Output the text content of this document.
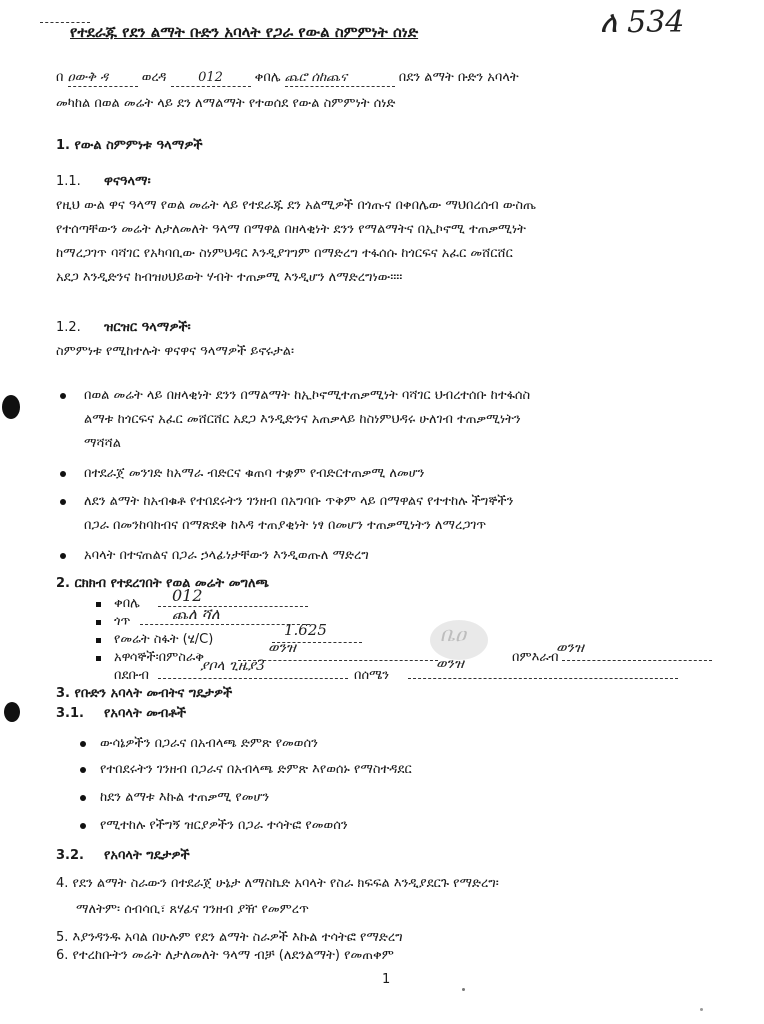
የተደራጁ የደን ልማት ቡድን አባላት የጋራ የውል ስምምነት ሰነድ	ለ 534
በ ዐውቅ ዳ	ወረዳ 012 ቀበሌ ጨሮ ሰከጨና	በደን ልማት ቡድን አባላት
መካከል በወል መሬት ላይ ደን ለማልማት የተወሰደ የውል ስምምነት ሰነድ
1. የውል ስምምነቱ ዓላማዎች
1.1. ዋናዓላማ፡
የዚህ ውል ዋና ዓላማ የወል መሬት ላይ የተደራጁ ደን አልሚዎች በጎጡና በቀበሌው ማህበረሰብ ውስጤ
የተሰጣቸውን መሬት ለታለመለት ዓላማ በማዋል በዘላቂነት ደንን የማልማትና በኢኮኖሚ ተጠቃሚነት
ከማረጋገጥ ባሻገር የአካባቢው ስነምህዳር እንዲያገግም በማድረግ ተፋሰሱ ከጎርፍና አፈር መሸርሸር
አደጋ እንዲድንና ከብዝሀህይወት ሃብት ተጠቃሚ እንዲሆን ለማድረግነው።።
1.2. ዝርዝር ዓላማዎች፡
ስምምነቱ የሚከተሉት ዋናዋና ዓላማዎች ይኖሩታል፡
በወል መሬት ላይ በዘላቂነት ደንን በማልማት ከኢኮኖሚተጠቃሚነት ባሻገር ህብረተሰቡ ከተፋሰስ
ልማቱ ከጎርፍና አፈር መሸርሸር አደጋ እንዲድንና አጠቃላይ ከስነምህዳሩ ሁለገብ ተጠቃሚነትን
ማሻሻል
በተደራጀ መንገድ ከአማራ ብድርና ቁጠባ ተቋም የብድርተጠቃሚ ለመሆን
ለደን ልማት ከአብቁቶ የተበደሩትን ገንዘብ በአግባቡ ጥቅም ላይ በማዋልና የተተከሉ ችግኞችን
በጋራ በመንከባከብና በማጽደቅ ከእዳ ተጠያቂነት ነፃ በመሆን ተጠቃሚነትን ለማረጋገጥ
አባላት በተናጠልና በጋራ ኃላፊነታቸውን እንዲወጡለ ማድረግ
2. ርክክብ የተደረገበት የወል መሬት መግለጫ
ቀበሌ 012
ጎጥ	ጨለ ሻለ
የመሬት ስፋት (ሄ/C)
1.625	ቤዐ
አዋሳኞች፡በምስራቅ
ወንዝ
በምእራብ
ወንዝ
በደቡብ
ያቦላ ጊዜያ3
በሰሜን
ወንዝ
3. የቡድን አባላት መብትና ግዴታዎች
3.1. የአባላት መብቶች
ውሳኔዎችን በጋራና በአብላጫ ድምጽ የመወሰን
የተበደሩትን ገንዘብ በጋራና በአብላጫ ድምጽ እየወሰኑ የማስተዳደር
ከደን ልማቱ እኩል ተጠቃሚ የመሆን
የሚተከሉ የችግኝ ዝርያዎችን በጋራ ተሳትፎ የመወሰን
3.2. የአባላት ግዴታዎች
4. የደን ልማት ስራውን በተደራጀ ሁኔታ ለማስኬድ አባላት የስራ ክፍፍል እንዲያደርጉ የማድረግ፡
ማለትም፡ ሰብሳቢ፣ ጸሃፊና ገንዘብ ያዥ የመምረጥ
5. እያንዳንዱ አባል በሁሉም የደን ልማት ስራዎች እኩል ተሳትፎ የማድረግ
6. የተረከቡትን መሬት ለታለመለት ዓላማ ብቻ (ለደንልማት) የመጠቀም
1
